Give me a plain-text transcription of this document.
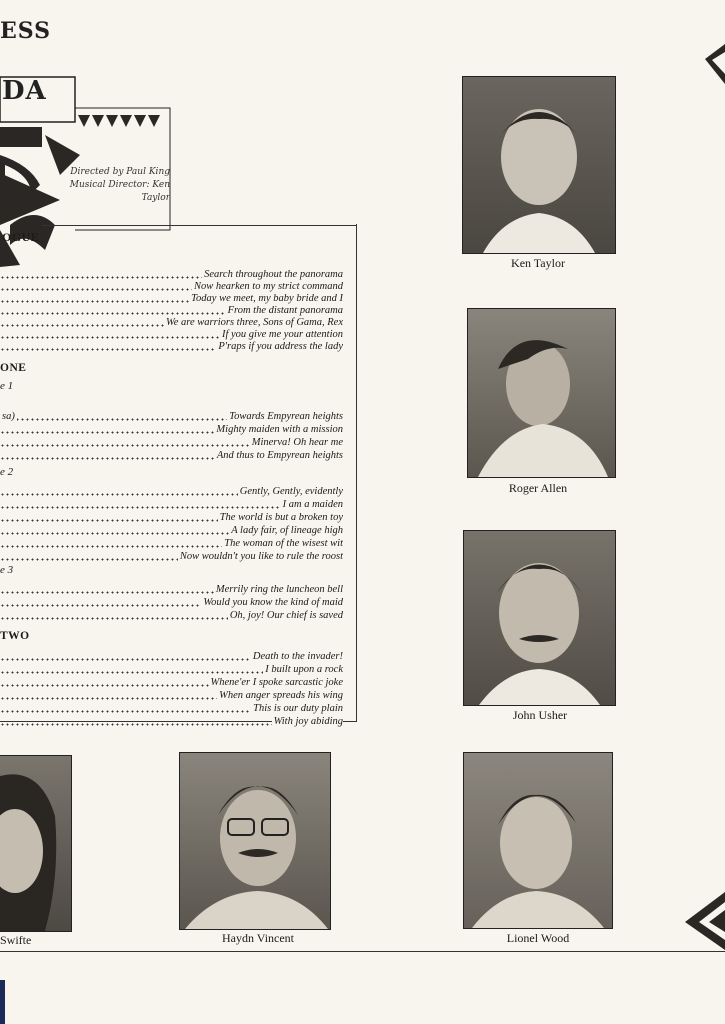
ESS
DA
Directed by Paul King
Musical Director: Ken Taylor
OGUE
Search throughout the panorama
Now hearken to my strict command
Today we meet, my baby bride and I
From the distant panorama
We are warriors three, Sons of Gama, Rex
If you give me your attention
P'raps if you address the lady
ONE
e 1
sa)	Towards Empyrean heights
Mighty maiden with a mission
Minerva! Oh hear me
And thus to Empyrean heights
e 2
Gently, Gently, evidently
I am a maiden
The world is but a broken toy
A lady fair, of lineage high
The woman of the wisest wit
Now wouldn't you like to rule the roost
e 3
Merrily ring the luncheon bell
Would you know the kind of maid
Oh, joy! Our chief is saved
TWO
Death to the invader!
I built upon a rock
Whene'er I spoke sarcastic joke
When anger spreads his wing
This is our duty plain
With joy abiding
Ken Taylor
Roger Allen
John Usher
Swifte	Haydn Vincent	Lionel Wood
